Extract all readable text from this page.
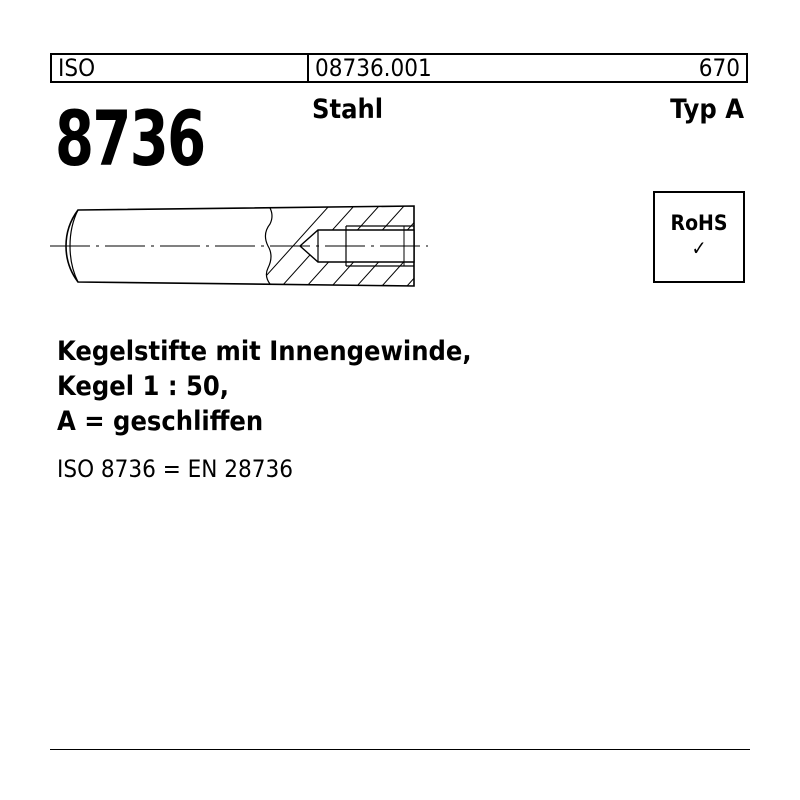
ISO	08736.001	670
8736	Stahl	Typ A
RoHS
✓
Kegelstifte mit Innengewinde,
Kegel 1 : 50,
A = geschliffen
ISO 8736 = EN 28736
